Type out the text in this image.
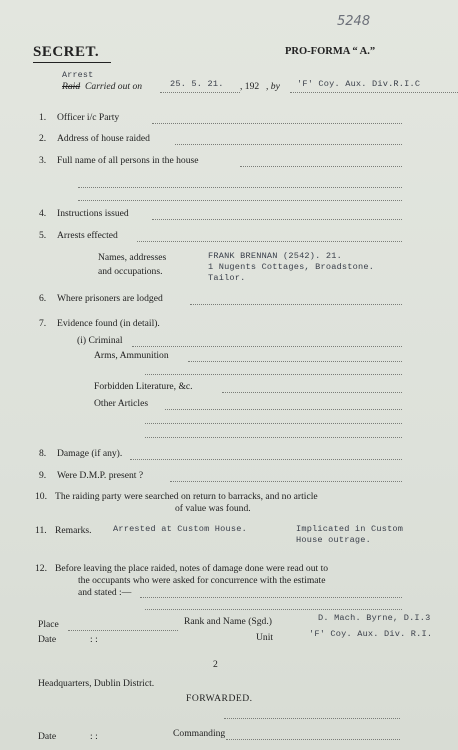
5248
SECRET.	PRO-FORMA “ A.”
Arrest
Raid Carried out on	25. 5. 21. , 192 , by 'F' Coy. Aux. Div.R.I.C
1. Officer i/c Party
2. Address of house raided
3. Full name of all persons in the house
4. Instructions issued
5. Arrests effected
Names, addresses
and occupations.
FRANK BRENNAN (2542). 21.
1 Nugents Cottages, Broadstone.
Tailor.
6. Where prisoners are lodged
7. Evidence found (in detail).
(i) Criminal
Arms, Ammunition
Forbidden Literature, &c.
Other Articles
8. Damage (if any).
9. Were D.M.P. present ?
10. The raiding party were searched on return to barracks, and no article
of value was found.
11. Remarks. Arrested at Custom House.	Implicated in Custom
House outrage.
12. Before leaving the place raided, notes of damage done were read out to
the occupants who were asked for concurrence with the estimate
and stated :—
Place	Rank and Name (Sgd.)	D. Mach. Byrne, D.I.3
Date	: :	Unit	'F' Coy. Aux. Div. R.I.
2
Headquarters, Dublin District.
FORWARDED.
Commanding
Date	: :
